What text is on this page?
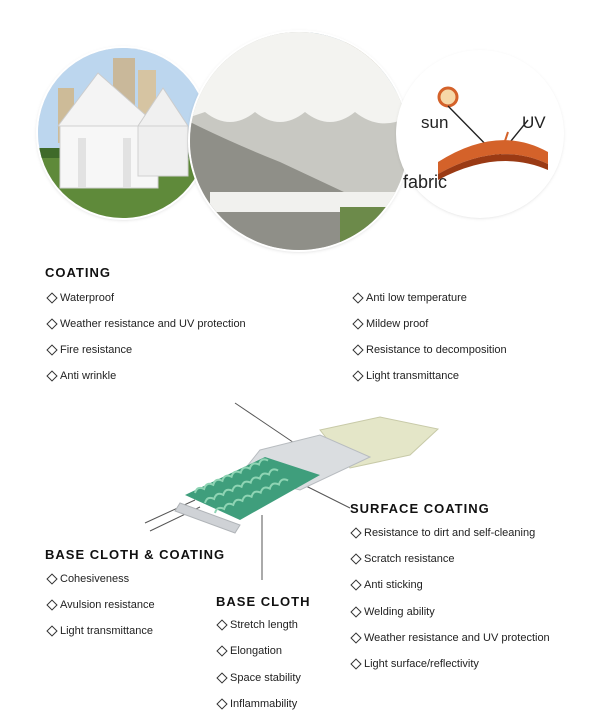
sun	UV
fabric
COATING
Waterproof
Weather resistance and UV protection
Fire resistance
Anti wrinkle
Anti low temperature
Mildew proof
Resistance to decomposition
Light transmittance
SURFACE COATING
Resistance to dirt and self-cleaning
Scratch resistance
Anti sticking
Welding ability
Weather resistance and UV protection
Light surface/reflectivity
BASE CLOTH & COATING
Cohesiveness
Avulsion resistance
Light transmittance
BASE CLOTH
Stretch length
Elongation
Space stability
Inflammability
